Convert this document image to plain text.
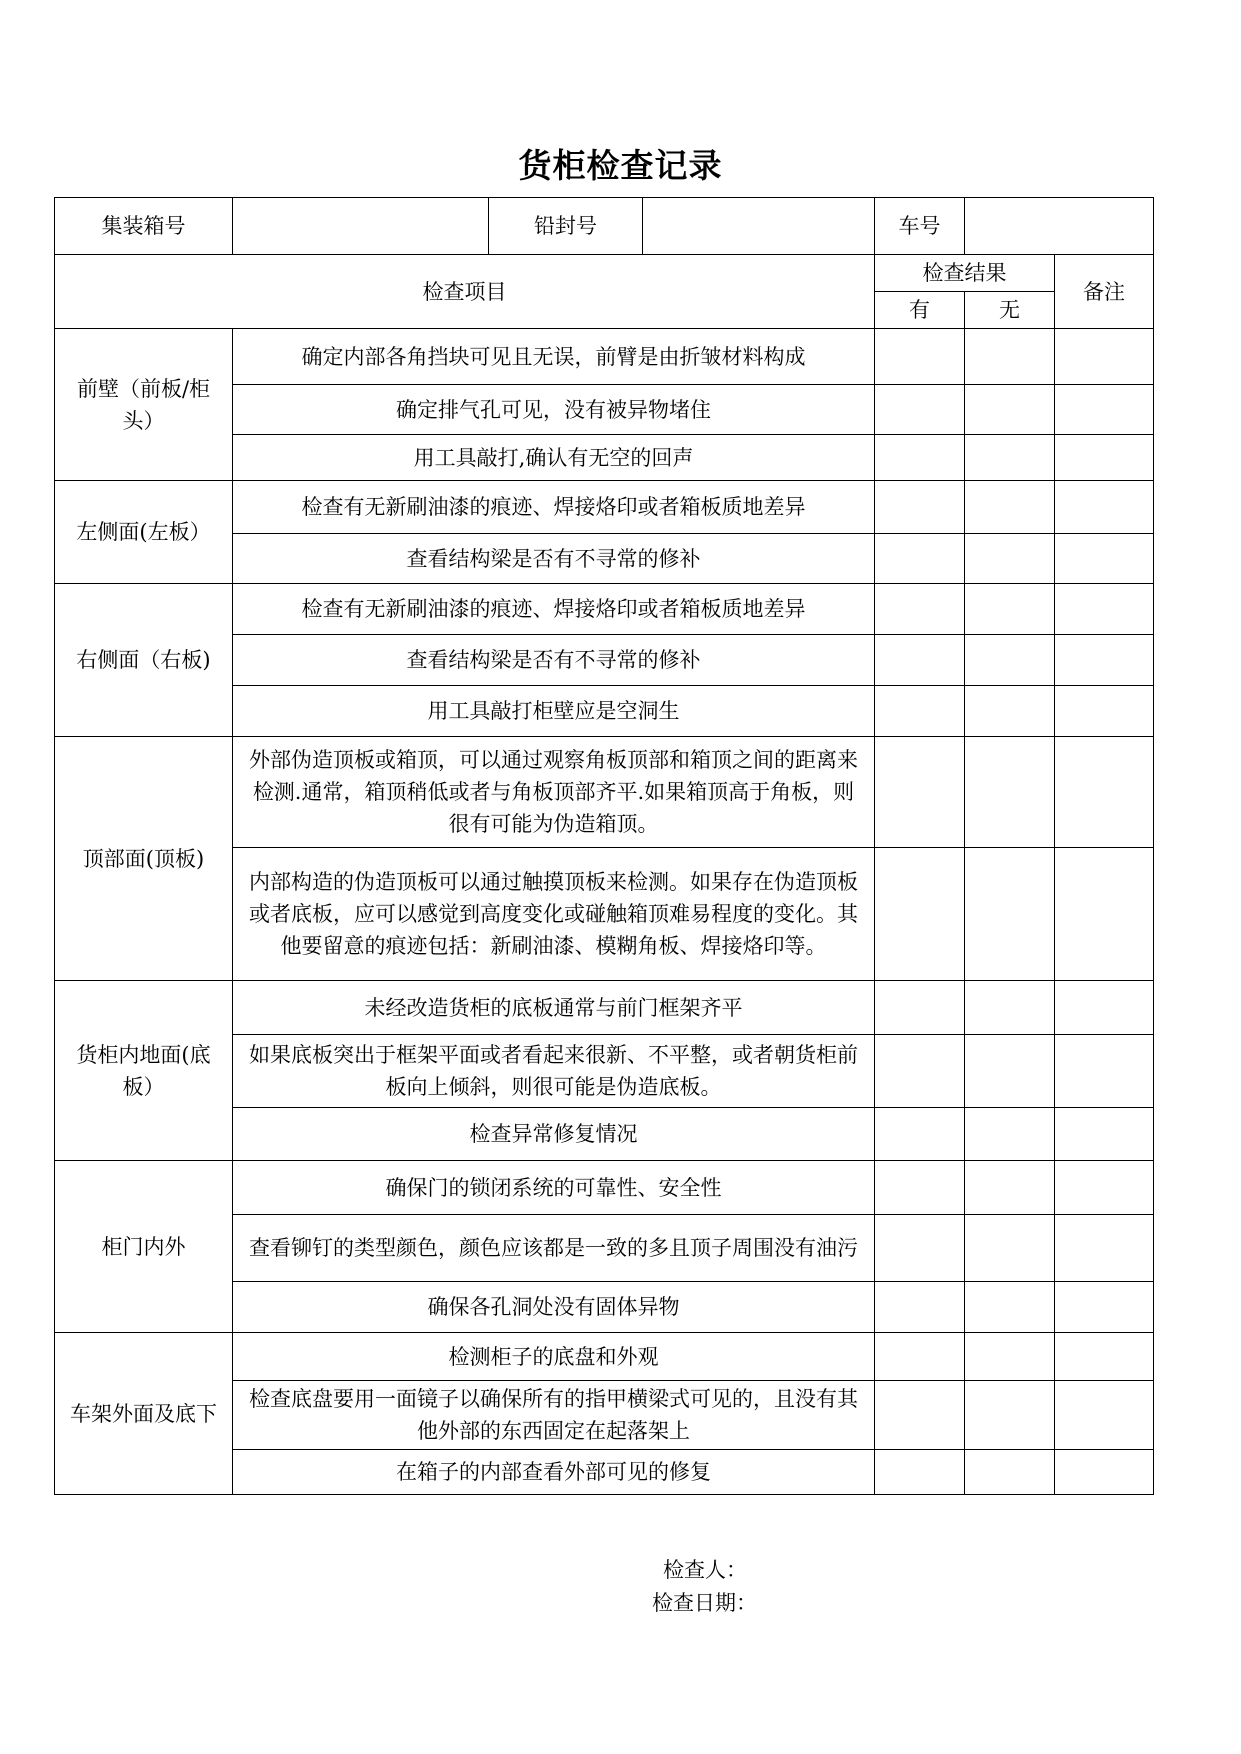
货柜检查记录
集装箱号		铅封号		车号		
检查项目				检查结果		备注
				有	无	
前壁（前板/柜头）	确定内部各角挡块可见且无误，前臂是由折皱材料构成					
	确定排气孔可见，没有被异物堵住					
	用工具敲打,确认有无空的回声					
左侧面(左板）	检查有无新刷油漆的痕迹、焊接烙印或者箱板质地差异					
	查看结构梁是否有不寻常的修补					
右侧面（右板)	检查有无新刷油漆的痕迹、焊接烙印或者箱板质地差异					
	查看结构梁是否有不寻常的修补					
	用工具敲打柜壁应是空洞生					
顶部面(顶板)	外部伪造顶板或箱顶，可以通过观察角板顶部和箱顶之间的距离来检测.通常，箱顶稍低或者与角板顶部齐平.如果箱顶高于角板，则很有可能为伪造箱顶。					
	内部构造的伪造顶板可以通过触摸顶板来检测。如果存在伪造顶板或者底板，应可以感觉到高度变化或碰触箱顶难易程度的变化。其他要留意的痕迹包括：新刷油漆、模糊角板、焊接烙印等。					
货柜内地面(底板）	未经改造货柜的底板通常与前门框架齐平					
	如果底板突出于框架平面或者看起来很新、不平整，或者朝货柜前板向上倾斜，则很可能是伪造底板。					
	检查异常修复情况					
柜门内外	确保门的锁闭系统的可靠性、安全性					
	查看铆钉的类型颜色，颜色应该都是一致的多且顶子周围没有油污					
	确保各孔洞处没有固体异物					
车架外面及底下	检测柜子的底盘和外观					
	检查底盘要用一面镜子以确保所有的指甲横梁式可见的，且没有其他外部的东西固定在起落架上					
	在箱子的内部查看外部可见的修复					
检查人：
检查日期：
